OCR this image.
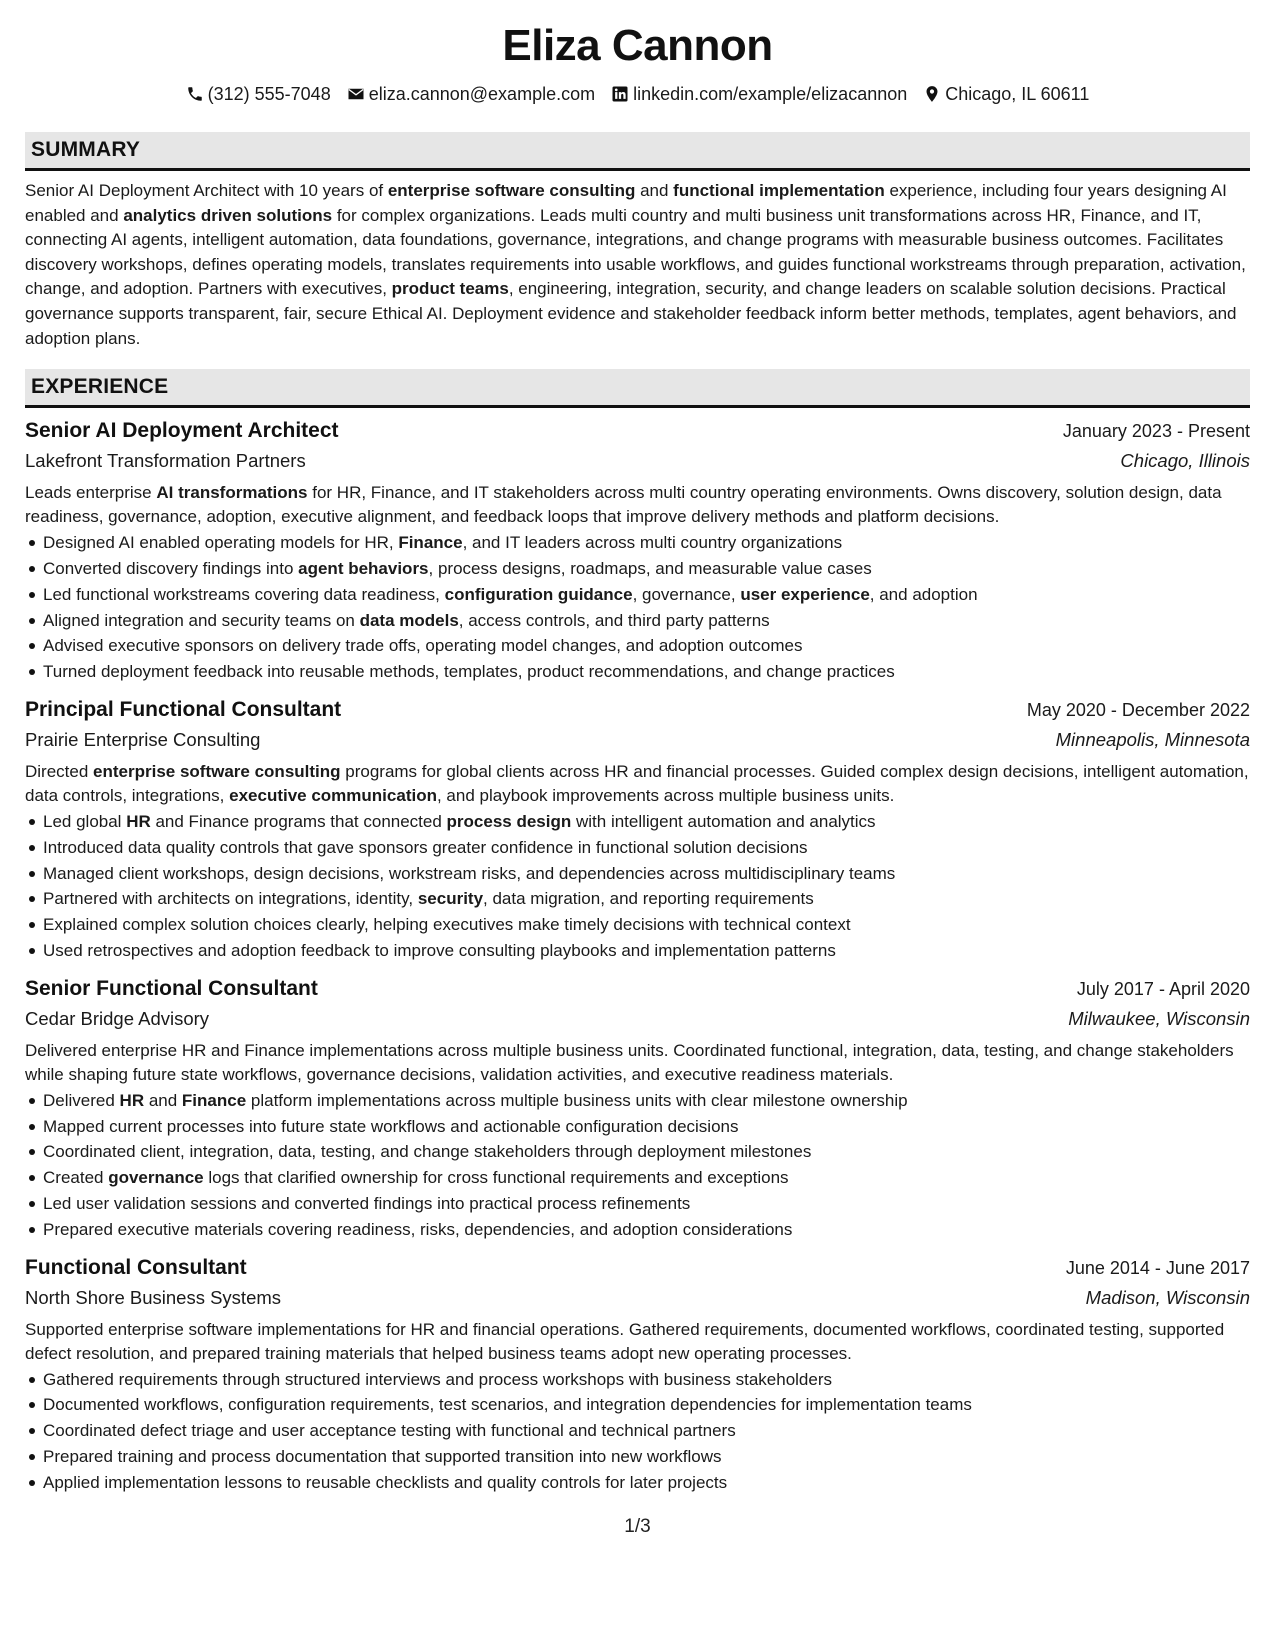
Eliza Cannon
(312) 555-7048 eliza.cannon@example.com linkedin.com/example/elizacannon Chicago, IL 60611
SUMMARY
Senior AI Deployment Architect with 10 years of enterprise software consulting and functional implementation experience, including four years designing AI enabled and analytics driven solutions for complex organizations. Leads multi country and multi business unit transformations across HR, Finance, and IT, connecting AI agents, intelligent automation, data foundations, governance, integrations, and change programs with measurable business outcomes. Facilitates discovery workshops, defines operating models, translates requirements into usable workflows, and guides functional workstreams through preparation, activation, change, and adoption. Partners with executives, product teams, engineering, integration, security, and change leaders on scalable solution decisions. Practical governance supports transparent, fair, secure Ethical AI. Deployment evidence and stakeholder feedback inform better methods, templates, agent behaviors, and adoption plans.
EXPERIENCE
Senior AI Deployment Architect	January 2023 - Present
Lakefront Transformation Partners	Chicago, Illinois
Leads enterprise AI transformations for HR, Finance, and IT stakeholders across multi country operating environments. Owns discovery, solution design, data readiness, governance, adoption, executive alignment, and feedback loops that improve delivery methods and platform decisions.
Designed AI enabled operating models for HR, Finance, and IT leaders across multi country organizations
Converted discovery findings into agent behaviors, process designs, roadmaps, and measurable value cases
Led functional workstreams covering data readiness, configuration guidance, governance, user experience, and adoption
Aligned integration and security teams on data models, access controls, and third party patterns
Advised executive sponsors on delivery trade offs, operating model changes, and adoption outcomes
Turned deployment feedback into reusable methods, templates, product recommendations, and change practices
Principal Functional Consultant	May 2020 - December 2022
Prairie Enterprise Consulting	Minneapolis, Minnesota
Directed enterprise software consulting programs for global clients across HR and financial processes. Guided complex design decisions, intelligent automation, data controls, integrations, executive communication, and playbook improvements across multiple business units.
Led global HR and Finance programs that connected process design with intelligent automation and analytics
Introduced data quality controls that gave sponsors greater confidence in functional solution decisions
Managed client workshops, design decisions, workstream risks, and dependencies across multidisciplinary teams
Partnered with architects on integrations, identity, security, data migration, and reporting requirements
Explained complex solution choices clearly, helping executives make timely decisions with technical context
Used retrospectives and adoption feedback to improve consulting playbooks and implementation patterns
Senior Functional Consultant	July 2017 - April 2020
Cedar Bridge Advisory	Milwaukee, Wisconsin
Delivered enterprise HR and Finance implementations across multiple business units. Coordinated functional, integration, data, testing, and change stakeholders while shaping future state workflows, governance decisions, validation activities, and executive readiness materials.
Delivered HR and Finance platform implementations across multiple business units with clear milestone ownership
Mapped current processes into future state workflows and actionable configuration decisions
Coordinated client, integration, data, testing, and change stakeholders through deployment milestones
Created governance logs that clarified ownership for cross functional requirements and exceptions
Led user validation sessions and converted findings into practical process refinements
Prepared executive materials covering readiness, risks, dependencies, and adoption considerations
Functional Consultant	June 2014 - June 2017
North Shore Business Systems	Madison, Wisconsin
Supported enterprise software implementations for HR and financial operations. Gathered requirements, documented workflows, coordinated testing, supported defect resolution, and prepared training materials that helped business teams adopt new operating processes.
Gathered requirements through structured interviews and process workshops with business stakeholders
Documented workflows, configuration requirements, test scenarios, and integration dependencies for implementation teams
Coordinated defect triage and user acceptance testing with functional and technical partners
Prepared training and process documentation that supported transition into new workflows
Applied implementation lessons to reusable checklists and quality controls for later projects
1/3
